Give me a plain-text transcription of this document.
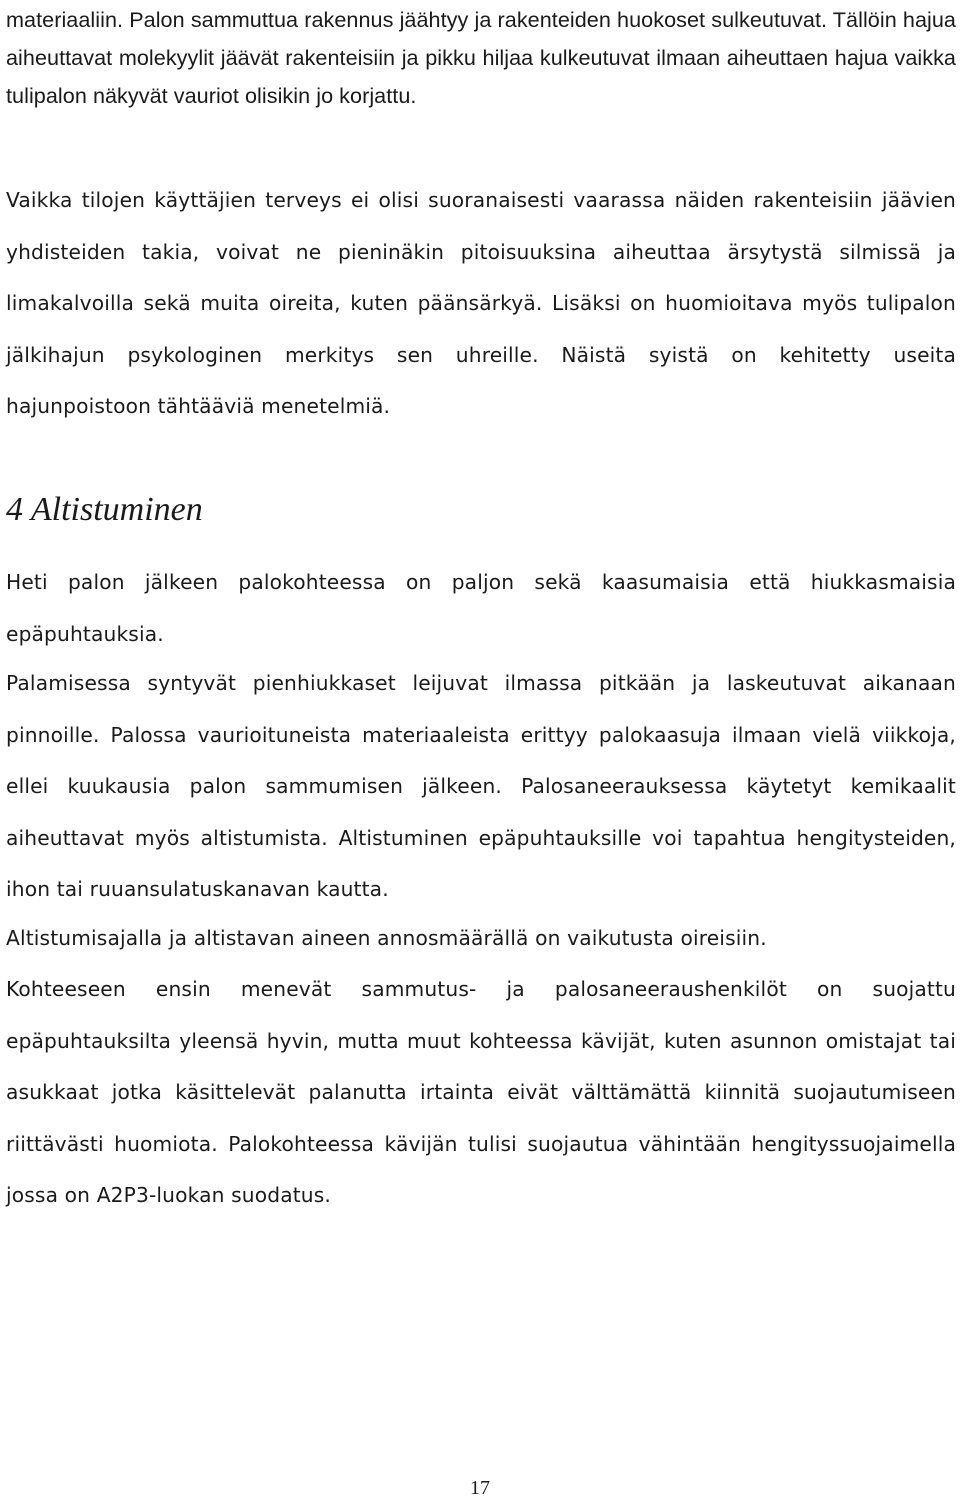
materiaaliin. Palon sammuttua rakennus jäähtyy ja rakenteiden huokoset sulkeutuvat. Tällöin hajua aiheuttavat molekyylit jäävät rakenteisiin ja pikku hiljaa kulkeutuvat ilmaan aiheuttaen hajua vaikka tulipalon näkyvät vauriot olisikin jo korjattu.

Vaikka tilojen käyttäjien terveys ei olisi suoranaisesti vaarassa näiden rakenteisiin jäävien yhdisteiden takia, voivat ne pieninäkin pitoisuuksina aiheuttaa ärsytystä silmissä ja limakalvoilla sekä muita oireita, kuten päänsärkyä. Lisäksi on huomioitava myös tulipalon jälkihajun psykologinen merkitys sen uhreille. Näistä syistä on kehitetty useita hajunpoistoon tähtääviä menetelmiä.

4 Altistuminen

Heti palon jälkeen palokohteessa on paljon sekä kaasumaisia että hiukkasmaisia epäpuhtauksia.

Palamisessa syntyvät pienhiukkaset leijuvat ilmassa pitkään ja laskeutuvat aikanaan pinnoille. Palossa vaurioituneista materiaaleista erittyy palokaasuja ilmaan vielä viikkoja, ellei kuukausia palon sammumisen jälkeen. Palosaneerauksessa käytetyt kemikaalit aiheuttavat myös altistumista. Altistuminen epäpuhtauksille voi tapahtua hengitysteiden, ihon tai ruuansulatuskanavan kautta.

Altistumisajalla ja altistavan aineen annosmäärällä on vaikutusta oireisiin.

Kohteeseen ensin menevät sammutus- ja palosaneeraushenkilöt on suojattu epäpuhtauksilta yleensä hyvin, mutta muut kohteessa kävijät, kuten asunnon omistajat tai asukkaat jotka käsittelevät palanutta irtainta eivät välttämättä kiinnitä suojautumiseen riittävästi huomiota. Palokohteessa kävijän tulisi suojautua vähintään hengityssuojaimella jossa on A2P3-luokan suodatus.

17
